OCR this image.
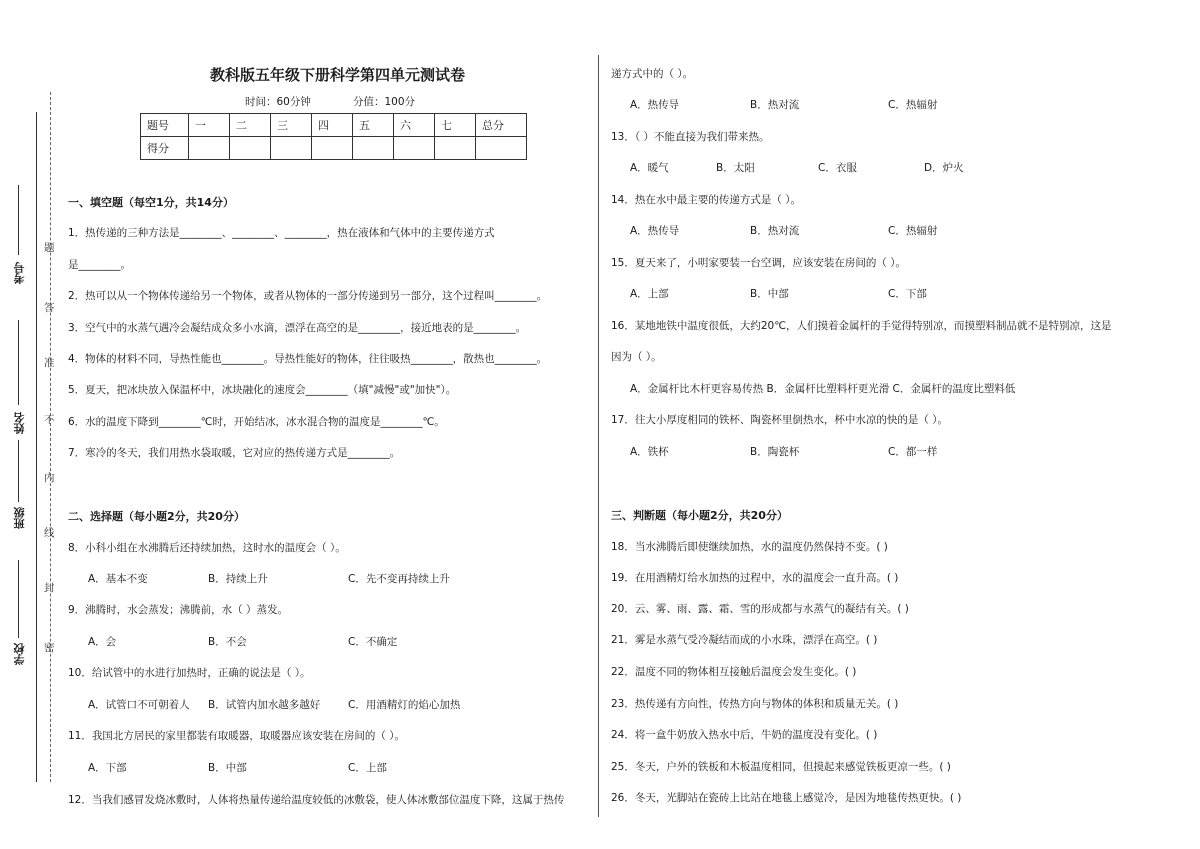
考号
姓名
班级
学校
题
答
准
不
内
线
封
密
教科版五年级下册科学第四单元测试卷
时间：60分钟	分值：100分
题号	一	二	三	四	五	六	七	总分
得分								
一、填空题（每空1分，共14分）
1．热传递的三种方法是________、________、________，热在液体和气体中的主要传递方式
是________。
2．热可以从一个物体传递给另一个物体，或者从物体的一部分传递到另一部分，这个过程叫________。
3．空气中的水蒸气遇冷会凝结成众多小水滴，漂浮在高空的是________，接近地表的是________。
4．物体的材料不同，导热性能也________。导热性能好的物体，往往吸热________，散热也________。
5．夏天，把冰块放入保温杯中，冰块融化的速度会________（填"减慢"或"加快"）。
6．水的温度下降到________℃时，开始结冰，冰水混合物的温度是________℃。
7．寒冷的冬天，我们用热水袋取暖，它对应的热传递方式是________。
二、选择题（每小题2分，共20分）
8．小科小组在水沸腾后还持续加热，这时水的温度会（ ）。
A．基本不变	B．持续上升	C．先不变再持续上升
9．沸腾时，水会蒸发；沸腾前，水（ ）蒸发。
A．会	B．不会	C．不确定
10．给试管中的水进行加热时，正确的说法是（ ）。
A．试管口不可朝着人 B．试管内加水越多越好	C．用酒精灯的焰心加热
11．我国北方居民的家里都装有取暖器，取暖器应该安装在房间的（ ）。
A．下部	B．中部	C．上部
12．当我们感冒发烧冰敷时，人体将热量传递给温度较低的冰敷袋，使人体冰敷部位温度下降，这属于热传
递方式中的（ ）。
A．热传导	B．热对流	C．热辐射
13．（ ）不能直接为我们带来热。
A．暖气	B．太阳	C．衣服	D．炉火
14．热在水中最主要的传递方式是（ ）。
A．热传导	B．热对流	C．热辐射
15．夏天来了，小明家要装一台空调，应该安装在房间的（ ）。
A．上部	B．中部	C．下部
16．某地地铁中温度很低，大约20℃，人们摸着金属杆的手觉得特别凉，而摸塑料制品就不是特别凉，这是
因为（ ）。
A．金属杆比木杆更容易传热 B．金属杆比塑料杆更光滑 C．金属杆的温度比塑料低
17．往大小厚度相同的铁杯、陶瓷杯里倒热水，杯中水凉的快的是（ ）。
A．铁杯	B．陶瓷杯	C．都一样
三、判断题（每小题2分，共20分）
18．当水沸腾后即使继续加热，水的温度仍然保持不变。( )
19．在用酒精灯给水加热的过程中，水的温度会一直升高。( )
20．云、雾、雨、露、霜、雪的形成都与水蒸气的凝结有关。( )
21．雾是水蒸气受冷凝结而成的小水珠，漂浮在高空。( )
22．温度不同的物体相互接触后温度会发生变化。( )
23．热传递有方向性，传热方向与物体的体积和质量无关。( )
24．将一盒牛奶放入热水中后，牛奶的温度没有变化。( )
25．冬天，户外的铁板和木板温度相同，但摸起来感觉铁板更凉一些。( )
26．冬天，光脚站在瓷砖上比站在地毯上感觉冷，是因为地毯传热更快。( )
